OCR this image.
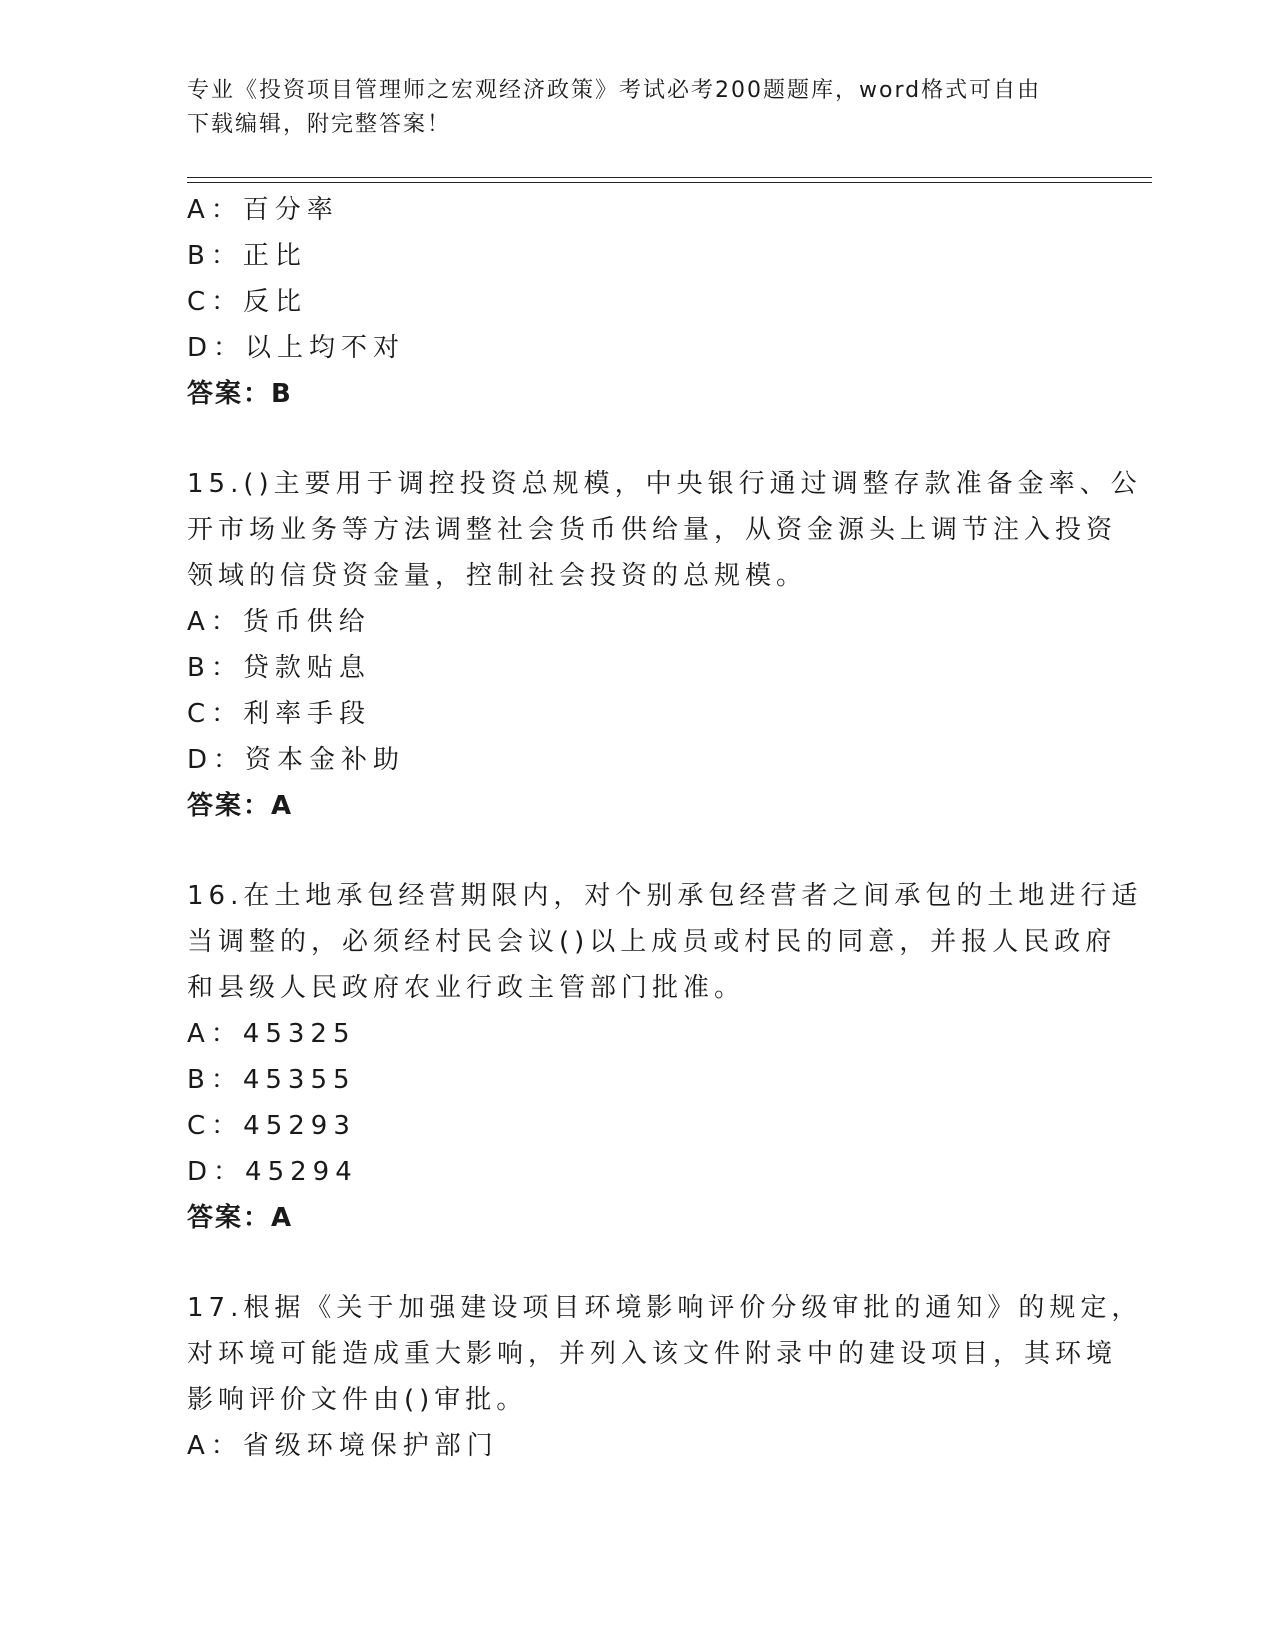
专业《投资项目管理师之宏观经济政策》考试必考200题题库，word格式可自由
下载编辑，附完整答案！
A：百分率
B：正比
C：反比
D：以上均不对
答案：B
15.()主要用于调控投资总规模，中央银行通过调整存款准备金率、公
开市场业务等方法调整社会货币供给量，从资金源头上调节注入投资
领域的信贷资金量，控制社会投资的总规模。
A：货币供给
B：贷款贴息
C：利率手段
D：资本金补助
答案：A
16.在土地承包经营期限内，对个别承包经营者之间承包的土地进行适
当调整的，必须经村民会议()以上成员或村民的同意，并报人民政府
和县级人民政府农业行政主管部门批准。
A：45325
B：45355
C：45293
D：45294
答案：A
17.根据《关于加强建设项目环境影响评价分级审批的通知》的规定，
对环境可能造成重大影响，并列入该文件附录中的建设项目，其环境
影响评价文件由()审批。
A：省级环境保护部门
